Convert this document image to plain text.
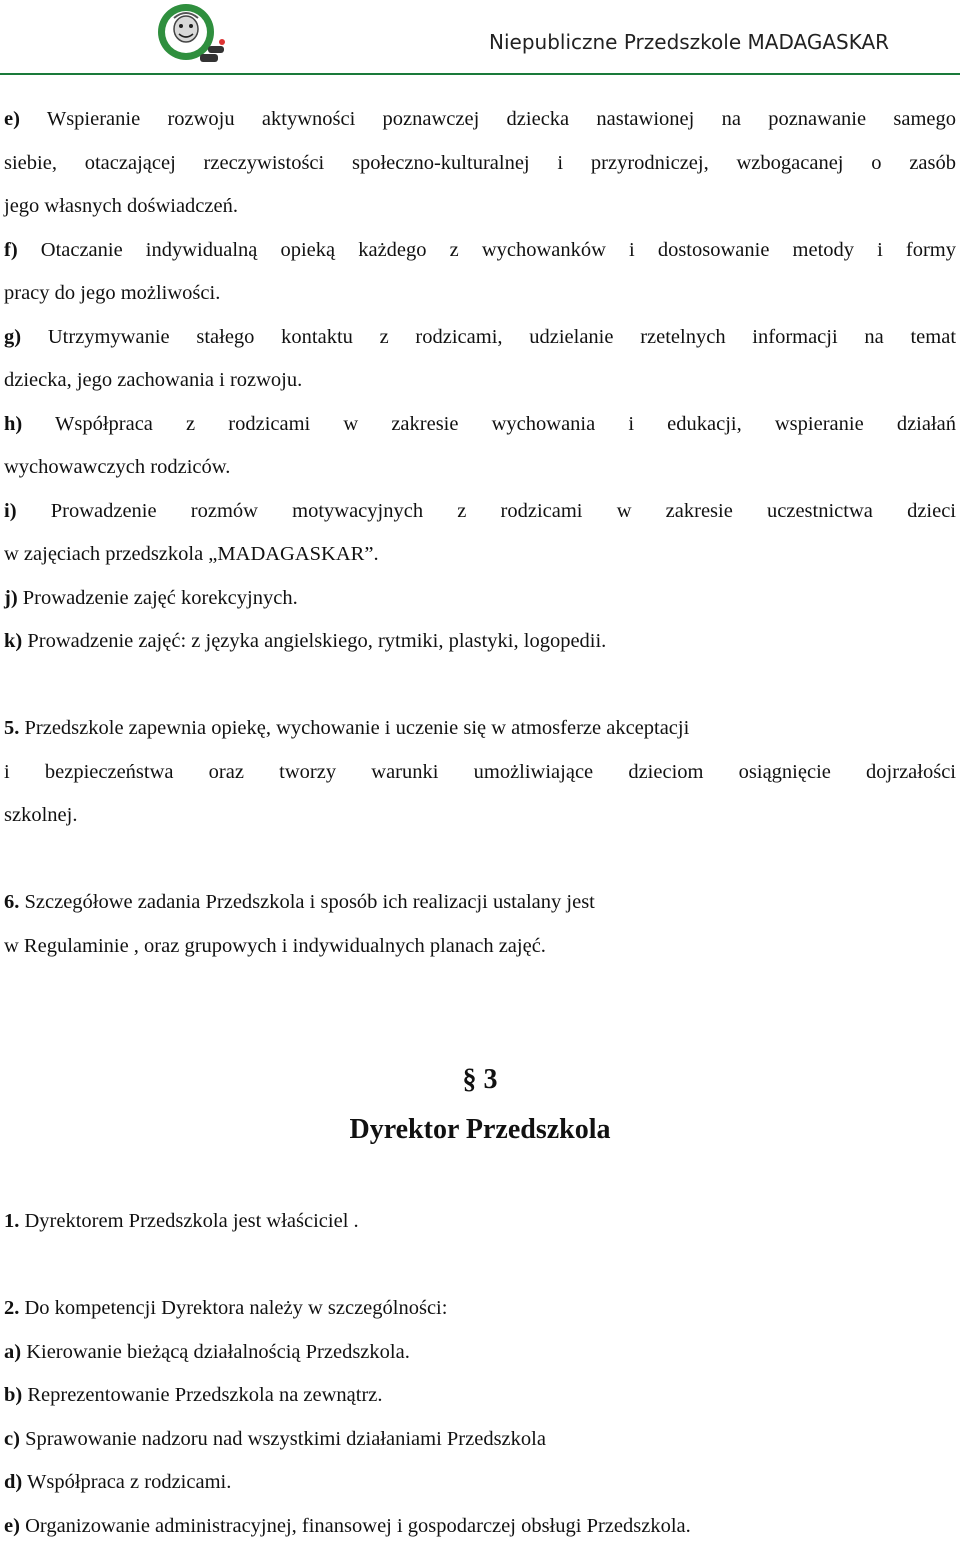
Niepubliczne Przedszkole MADAGASKAR
e) Wspieranie rozwoju aktywności poznawczej dziecka nastawionej na poznawanie samego
siebie, otaczającej rzeczywistości społeczno-kulturalnej i przyrodniczej, wzbogacanej o zasób
jego własnych doświadczeń.
f) Otaczanie indywidualną opieką każdego z wychowanków i dostosowanie metody i formy
pracy do jego możliwości.
g) Utrzymywanie stałego kontaktu z rodzicami, udzielanie rzetelnych informacji na temat
dziecka, jego zachowania i rozwoju.
h) Współpraca z rodzicami w zakresie wychowania i edukacji, wspieranie działań
wychowawczych rodziców.
i) Prowadzenie rozmów motywacyjnych z rodzicami w zakresie uczestnictwa dzieci
w zajęciach przedszkola „MADAGASKAR”.
j) Prowadzenie zajęć korekcyjnych.
k) Prowadzenie zajęć: z języka angielskiego, rytmiki, plastyki, logopedii.
5. Przedszkole zapewnia opiekę, wychowanie i uczenie się w atmosferze akceptacji
i bezpieczeństwa oraz tworzy warunki umożliwiające dzieciom osiągnięcie dojrzałości
szkolnej.
6. Szczegółowe zadania Przedszkola i sposób ich realizacji ustalany jest
w Regulaminie , oraz grupowych i indywidualnych planach zajęć.
§ 3
Dyrektor Przedszkola
1. Dyrektorem Przedszkola jest właściciel .
2. Do kompetencji Dyrektora należy w szczególności:
a) Kierowanie bieżącą działalnością Przedszkola.
b) Reprezentowanie Przedszkola na zewnątrz.
c) Sprawowanie nadzoru nad wszystkimi działaniami Przedszkola
d) Współpraca z rodzicami.
e) Organizowanie administracyjnej, finansowej i gospodarczej obsługi Przedszkola.
